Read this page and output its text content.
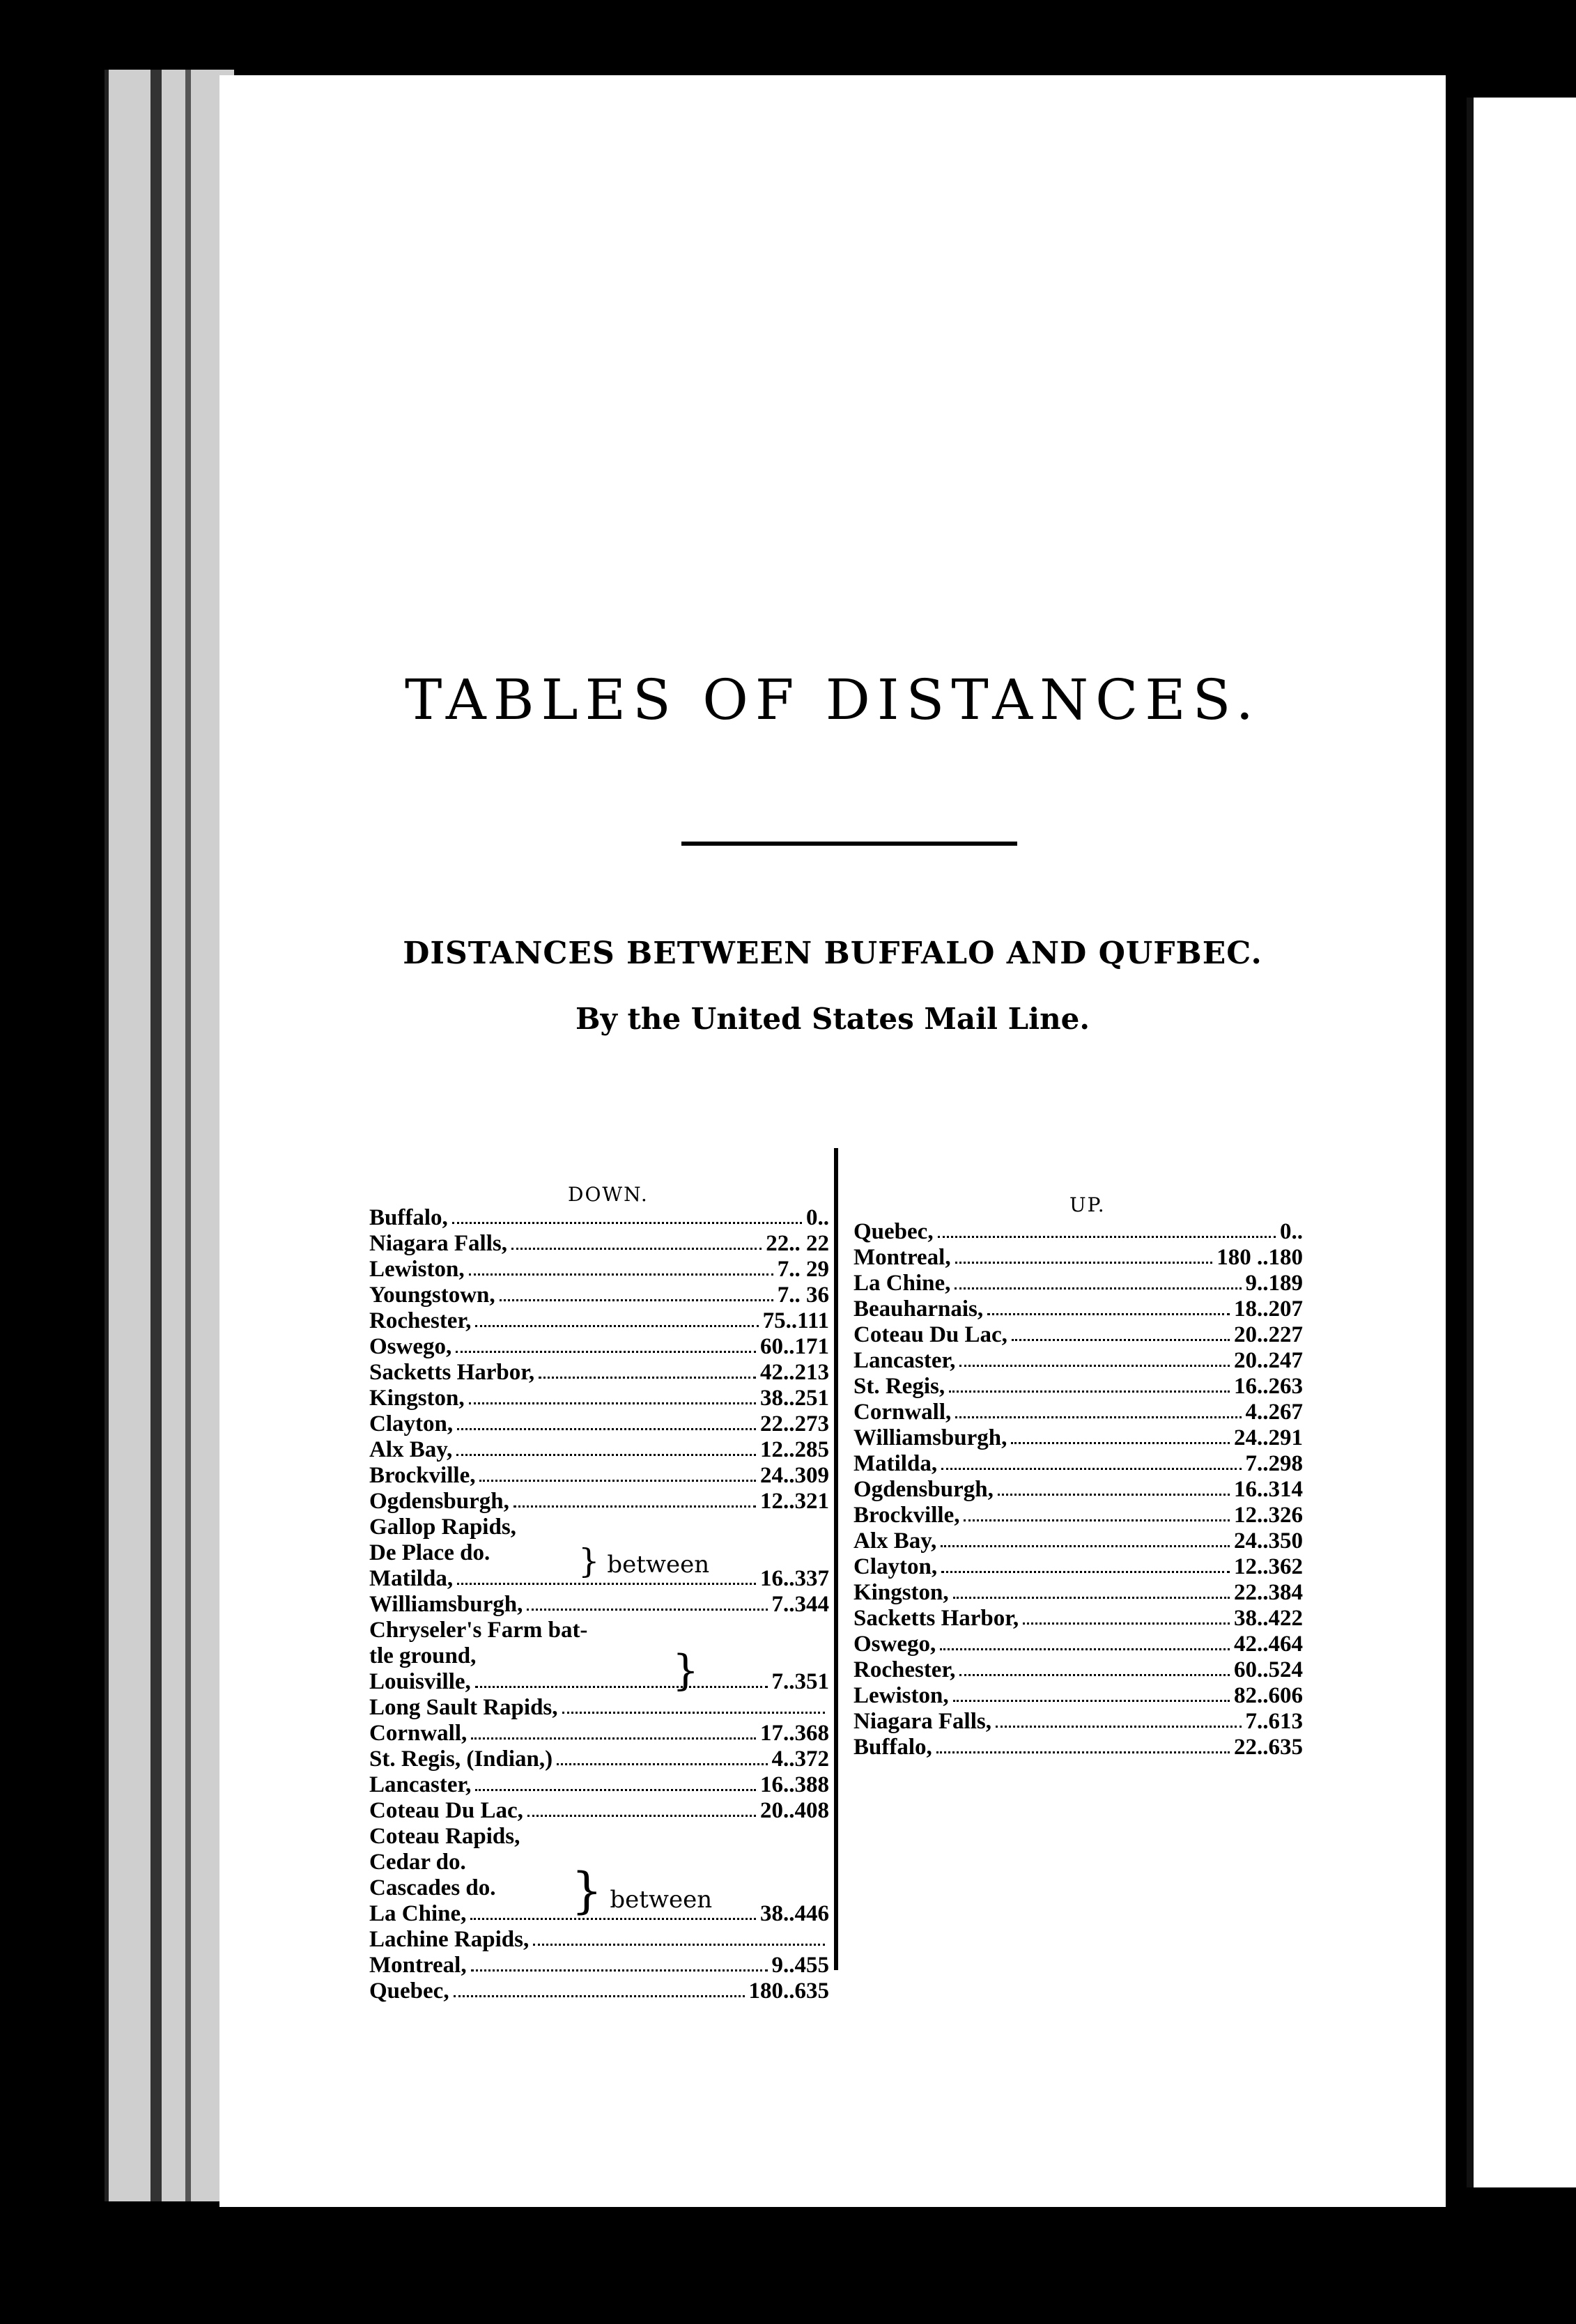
TABLES OF DISTANCES.
DISTANCES BETWEEN BUFFALO AND QUFBEC.
By the United States Mail Line.
DOWN.	UP.
Buffalo,	0..
Niagara Falls,	22.. 22
Lewiston,	7.. 29
Youngstown,	7.. 36
Rochester,	75..111
Oswego,	60..171
Sacketts Harbor,	42..213
Kingston,	38..251
Clayton,	22..273
Alx Bay,	12..285
Brockville,	24..309
Ogdensburgh,	12..321
Gallop Rapids,
De Place do.
Matilda,	16..337
Williamsburgh,	7..344
Chryseler's Farm bat-
tle ground,
Louisville,	7..351
Long Sault Rapids,
Cornwall,	17..368
St. Regis, (Indian,)	4..372
Lancaster,	16..388
Coteau Du Lac,	20..408
Coteau Rapids,
Cedar do.
Cascades do.
La Chine,	38..446
Lachine Rapids,
Montreal,	9..455
Quebec,	180..635
Quebec,	0..
Montreal,	180 ..180
La Chine,	9..189
Beauharnais,	18..207
Coteau Du Lac,	20..227
Lancaster,	20..247
St. Regis,	16..263
Cornwall,	4..267
Williamsburgh,	24..291
Matilda,	7..298
Ogdensburgh,	16..314
Brockville,	12..326
Alx Bay,	24..350
Clayton,	12..362
Kingston,	22..384
Sacketts Harbor,	38..422
Oswego,	42..464
Rochester,	60..524
Lewiston,	82..606
Niagara Falls,	7..613
Buffalo,	22..635
} between
}
} between
